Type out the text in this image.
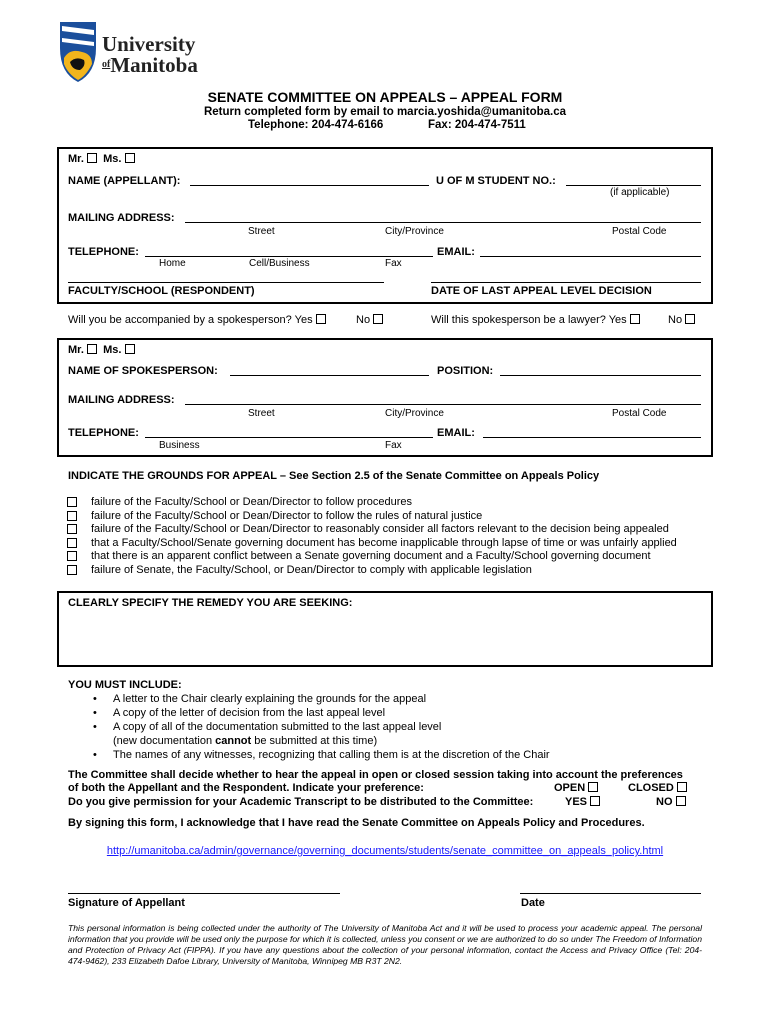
University
$^{of}$Manitoba
SENATE COMMITTEE ON APPEALS – APPEAL FORM
Return completed form by email to marcia.yoshida@umanitoba.ca
Telephone: 204-474-6166	Fax: 204-474-7511
Mr. Ms.
NAME (APPELLANT):	U OF M STUDENT NO.:
(if applicable)
MAILING ADDRESS:
Street	City/Province	Postal Code
TELEPHONE:	EMAIL:
Home	Cell/Business	Fax
FACULTY/SCHOOL (RESPONDENT)	DATE OF LAST APPEAL LEVEL DECISION
Will you be accompanied by a spokesperson? Yes	No	Will this spokesperson be a lawyer? Yes	No
Mr. Ms.
NAME OF SPOKESPERSON:	POSITION:
MAILING ADDRESS:
Street	City/Province	Postal Code
TELEPHONE:	EMAIL:
Business	Fax
INDICATE THE GROUNDS FOR APPEAL – See Section 2.5 of the Senate Committee on Appeals Policy
failure of the Faculty/School or Dean/Director to follow procedures
failure of the Faculty/School or Dean/Director to follow the rules of natural justice
failure of the Faculty/School or Dean/Director to reasonably consider all factors relevant to the decision being appealed
that a Faculty/School/Senate governing document has become inapplicable through lapse of time or was unfairly applied
that there is an apparent conflict between a Senate governing document and a Faculty/School governing document
failure of Senate, the Faculty/School, or Dean/Director to comply with applicable legislation
CLEARLY SPECIFY THE REMEDY YOU ARE SEEKING:
YOU MUST INCLUDE:
• A letter to the Chair clearly explaining the grounds for the appeal
• A copy of the letter of decision from the last appeal level
• A copy of all of the documentation submitted to the last appeal level
(new documentation cannot be submitted at this time)
• The names of any witnesses, recognizing that calling them is at the discretion of the Chair
The Committee shall decide whether to hear the appeal in open or closed session taking into account the preferences
of both the Appellant and the Respondent. Indicate your preference:	OPEN	CLOSED
Do you give permission for your Academic Transcript to be distributed to the Committee:	YES	NO
By signing this form, I acknowledge that I have read the Senate Committee on Appeals Policy and Procedures.
http://umanitoba.ca/admin/governance/governing_documents/students/senate_committee_on_appeals_policy.html
Signature of Appellant	Date
This personal information is being collected under the authority of The University of Manitoba Act and it will be used to process your academic appeal. The personal information that you provide will be used only the purpose for which it is collected, unless you consent or we are authorized to do so under The Freedom of Information and Protection of Privacy Act (FIPPA). If you have any questions about the collection of your personal information, contact the Access and Privacy Office (Tel: 204-474-9462), 233 Elizabeth Dafoe Library, University of Manitoba, Winnipeg MB R3T 2N2.
